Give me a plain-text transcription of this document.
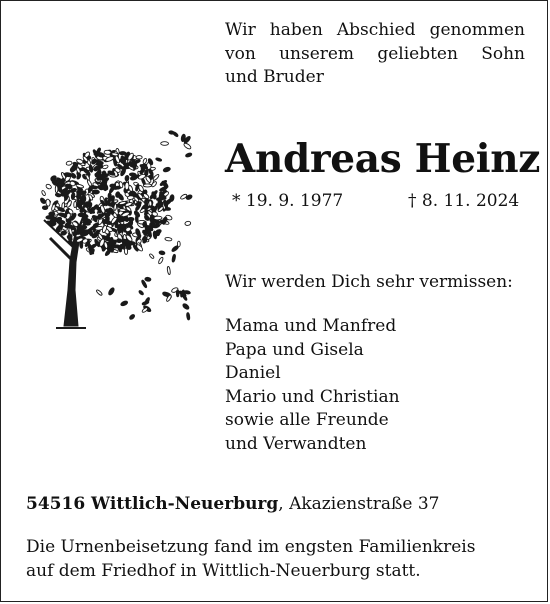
Wir haben Abschied genommen
von unserem geliebten Sohn
und Bruder
Andreas Heinz
* 19. 9. 1977	† 8. 11. 2024
Wir werden Dich sehr vermissen:
Mama und Manfred
Papa und Gisela
Daniel
Mario und Christian
sowie alle Freunde
und Verwandten
54516 Wittlich-Neuerburg, Akazienstraße 37
Die Urnenbeisetzung fand im engsten Familienkreis
auf dem Friedhof in Wittlich-Neuerburg statt.
